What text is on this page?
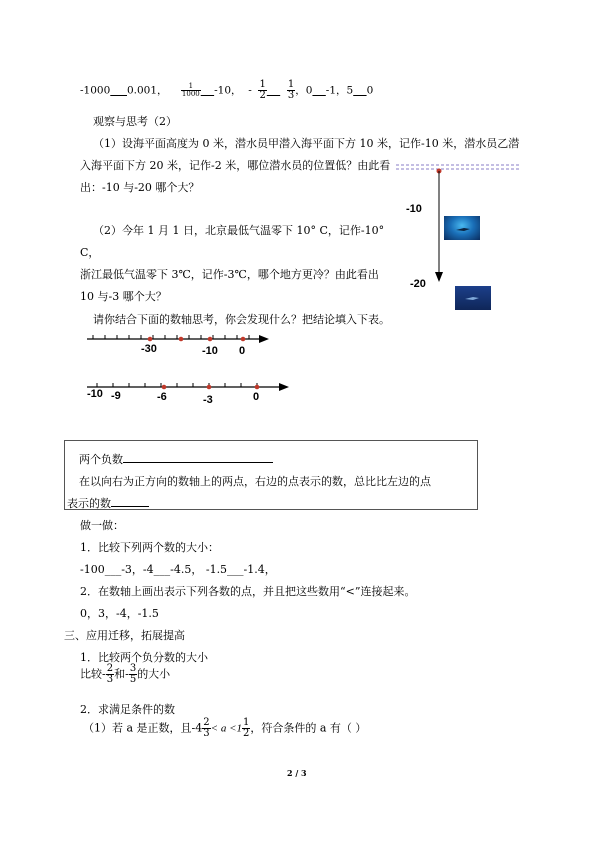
-1000 0.001， $\frac{1}{1000} -10$， - $\frac{1}{2}$
$\frac{1}{3}$ ，0 -1，5 0
观察与思考（2）
（1）设海平面高度为 0 米，潜水员甲潜入海平面下方 10 米，记作-10 米，潜水员乙潜
入海平面下方 20 米，记作-2 米，哪位潜水员的位置低？由此看
出：-10 与-20 哪个大？
（2）今年 1 月 1 日，北京最低气温零下 10° C，记作-10°
C，
浙江最低气温零下 3℃，记作-3℃，哪个地方更冷？由此看出
10 与-3 哪个大？
请你结合下面的数轴思考，你会发现什么？把结论填入下表。
-10
-20
-30	-10 0
-10 -9	-6	-3	0
两个负数
在以向右为正方向的数轴上的两点，右边的点表示的数，总比比左边的点
表示的数
做一做：
1．比较下列两个数的大小：
-100___-3，-4___-4.5， -1.5___-1.4，
2．在数轴上画出表示下列各数的点，并且把这些数用“<”连接起来。
0，3，-4，-1.5
三、应用迁移，拓展提高
1．比较两个负分数的大小
比较- $\frac{2}{3}$ 和- $\frac{3}{5}$ 的大小
2．求满足条件的数
（1）若 a 是正数，且$-4 \frac{2}{3} < a <1 \frac{1}{2}$ ，符合条件的 a 有（ ）
2 / 3
